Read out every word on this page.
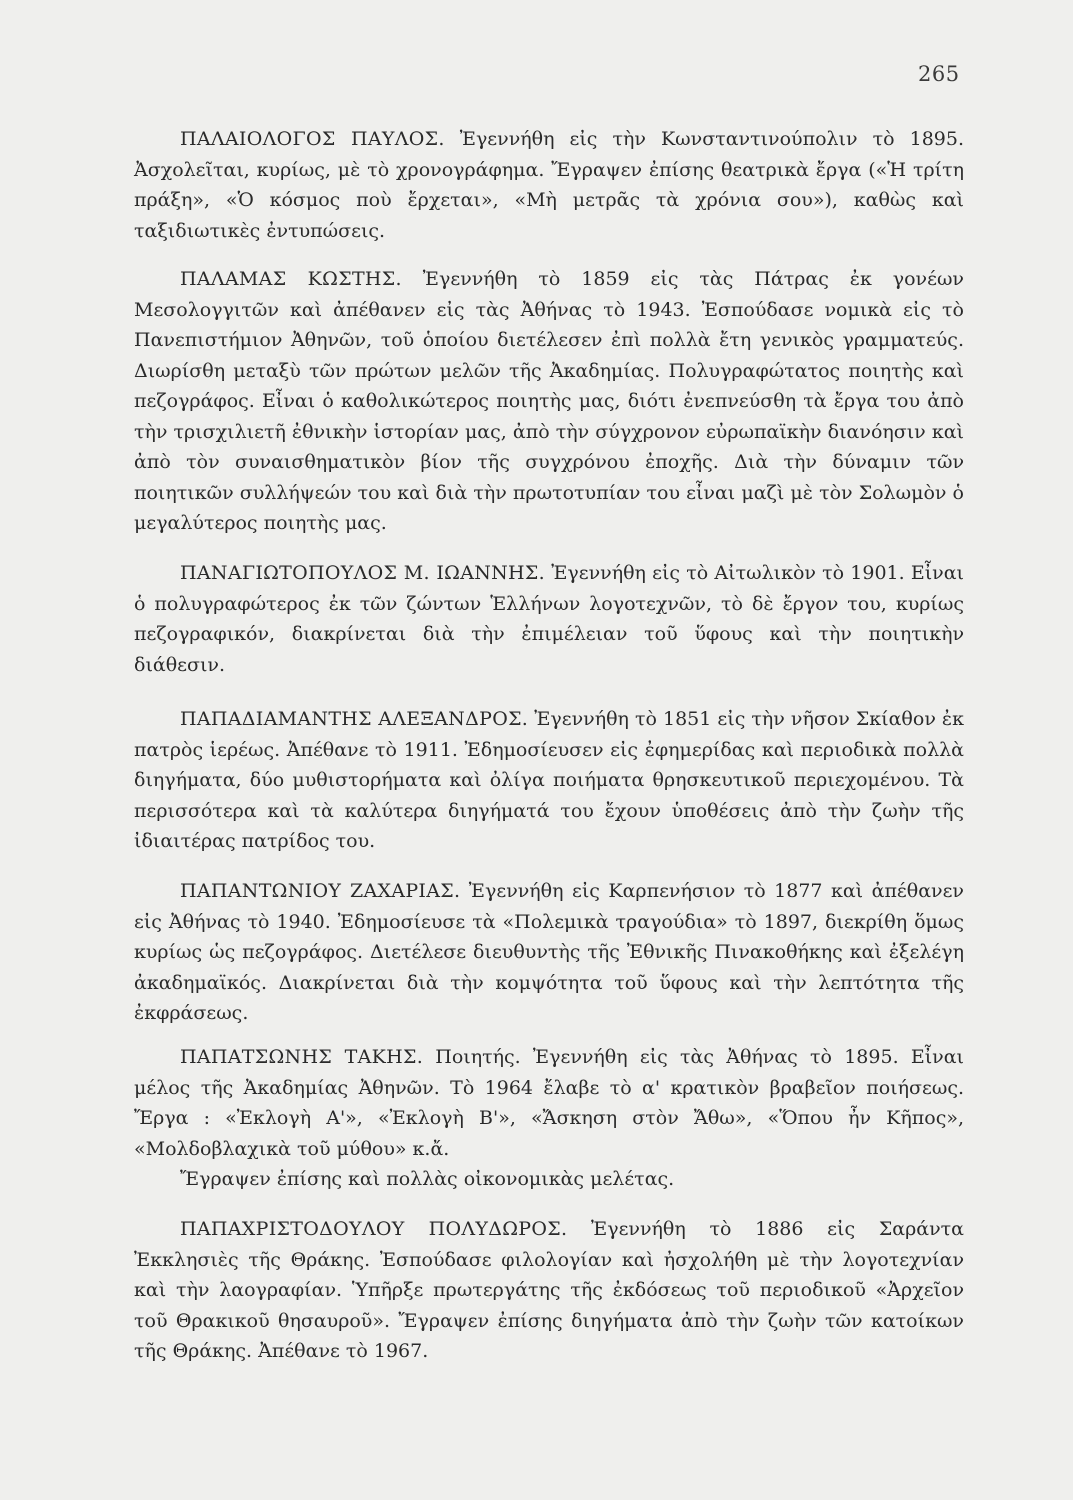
265

ΠΑΛΑΙΟΛΟΓΟΣ ΠΑΥΛΟΣ. Ἐγεννήθη εἰς τὴν Κωνσταντινούπολιν τὸ 1895. Ἀσχολεῖται, κυρίως, μὲ τὸ χρονογράφημα. Ἔγραψεν ἐπίσης θεατρικὰ ἔργα («Ἡ τρίτη πράξη», «Ὁ κόσμος ποὺ ἔρχεται», «Μὴ μετρᾶς τὰ χρόνια σου»), καθὼς καὶ ταξιδιωτικὲς ἐντυπώσεις.

ΠΑΛΑΜΑΣ ΚΩΣΤΗΣ. Ἐγεννήθη τὸ 1859 εἰς τὰς Πάτρας ἐκ γονέων Μεσολογγιτῶν καὶ ἀπέθανεν εἰς τὰς Ἀθήνας τὸ 1943. Ἐσπούδασε νομικὰ εἰς τὸ Πανεπιστήμιον Ἀθηνῶν, τοῦ ὁποίου διετέλεσεν ἐπὶ πολλὰ ἔτη γενικὸς γραμματεύς. Διωρίσθη μεταξὺ τῶν πρώτων μελῶν τῆς Ἀκαδημίας. Πολυγραφώτατος ποιητὴς καὶ πεζογράφος. Εἶναι ὁ καθολικώτερος ποιητὴς μας, διότι ἐνεπνεύσθη τὰ ἔργα του ἀπὸ τὴν τρισχιλιετῆ ἐθνικὴν ἱστορίαν μας, ἀπὸ τὴν σύγχρονον εὐρωπαϊκὴν διανόησιν καὶ ἀπὸ τὸν συναισθηματικὸν βίον τῆς συγχρόνου ἐποχῆς. Διὰ τὴν δύναμιν τῶν ποιητικῶν συλλήψεών του καὶ διὰ τὴν πρωτοτυπίαν του εἶναι μαζὶ μὲ τὸν Σολωμὸν ὁ μεγαλύτερος ποιητὴς μας.

ΠΑΝΑΓΙΩΤΟΠΟΥΛΟΣ Μ. ΙΩΑΝΝΗΣ. Ἐγεννήθη εἰς τὸ Αἰτωλικὸν τὸ 1901. Εἶναι ὁ πολυγραφώτερος ἐκ τῶν ζώντων Ἑλλήνων λογοτεχνῶν, τὸ δὲ ἔργον του, κυρίως πεζογραφικόν, διακρίνεται διὰ τὴν ἐπιμέλειαν τοῦ ὕφους καὶ τὴν ποιητικὴν διάθεσιν.

ΠΑΠΑΔΙΑΜΑΝΤΗΣ ΑΛΕΞΑΝΔΡΟΣ. Ἐγεννήθη τὸ 1851 εἰς τὴν νῆσον Σκίαθον ἐκ πατρὸς ἱερέως. Ἀπέθανε τὸ 1911. Ἐδημοσίευσεν εἰς ἐφημερίδας καὶ περιοδικὰ πολλὰ διηγήματα, δύο μυθιστορήματα καὶ ὀλίγα ποιήματα θρησκευτικοῦ περιεχομένου. Τὰ περισσότερα καὶ τὰ καλύτερα διηγήματά του ἔχουν ὑποθέσεις ἀπὸ τὴν ζωὴν τῆς ἰδιαιτέρας πατρίδος του.

ΠΑΠΑΝΤΩΝΙΟΥ ΖΑΧΑΡΙΑΣ. Ἐγεννήθη εἰς Καρπενήσιον τὸ 1877 καὶ ἀπέθανεν εἰς Ἀθήνας τὸ 1940. Ἐδημοσίευσε τὰ «Πολεμικὰ τραγούδια» τὸ 1897, διεκρίθη ὅμως κυρίως ὡς πεζογράφος. Διετέλεσε διευθυντὴς τῆς Ἐθνικῆς Πινακοθήκης καὶ ἐξελέγη ἀκαδημαϊκός. Διακρίνεται διὰ τὴν κομψότητα τοῦ ὕφους καὶ τὴν λεπτότητα τῆς ἐκφράσεως.

ΠΑΠΑΤΣΩΝΗΣ ΤΑΚΗΣ. Ποιητής. Ἐγεννήθη εἰς τὰς Ἀθήνας τὸ 1895. Εἶναι μέλος τῆς Ἀκαδημίας Ἀθηνῶν. Τὸ 1964 ἔλαβε τὸ α' κρατικὸν βραβεῖον ποιήσεως. Ἔργα : «Ἐκλογὴ Α'», «Ἐκλογὴ Β'», «Ἄσκηση στὸν Ἄθω», «Ὅπου ἦν Κῆπος», «Μολδοβλαχικὰ τοῦ μύθου» κ.ἄ.

Ἔγραψεν ἐπίσης καὶ πολλὰς οἰκονομικὰς μελέτας.

ΠΑΠΑΧΡΙΣΤΟΔΟΥΛΟΥ ΠΟΛΥΔΩΡΟΣ. Ἐγεννήθη τὸ 1886 εἰς Σαράντα Ἐκκλησιὲς τῆς Θράκης. Ἐσπούδασε φιλολογίαν καὶ ἠσχολήθη μὲ τὴν λογοτεχνίαν καὶ τὴν λαογραφίαν. Ὑπῆρξε πρωτεργάτης τῆς ἐκδόσεως τοῦ περιοδικοῦ «Ἀρχεῖον τοῦ Θρακικοῦ θησαυροῦ». Ἔγραψεν ἐπίσης διηγήματα ἀπὸ τὴν ζωὴν τῶν κατοίκων τῆς Θράκης. Ἀπέθανε τὸ 1967.
